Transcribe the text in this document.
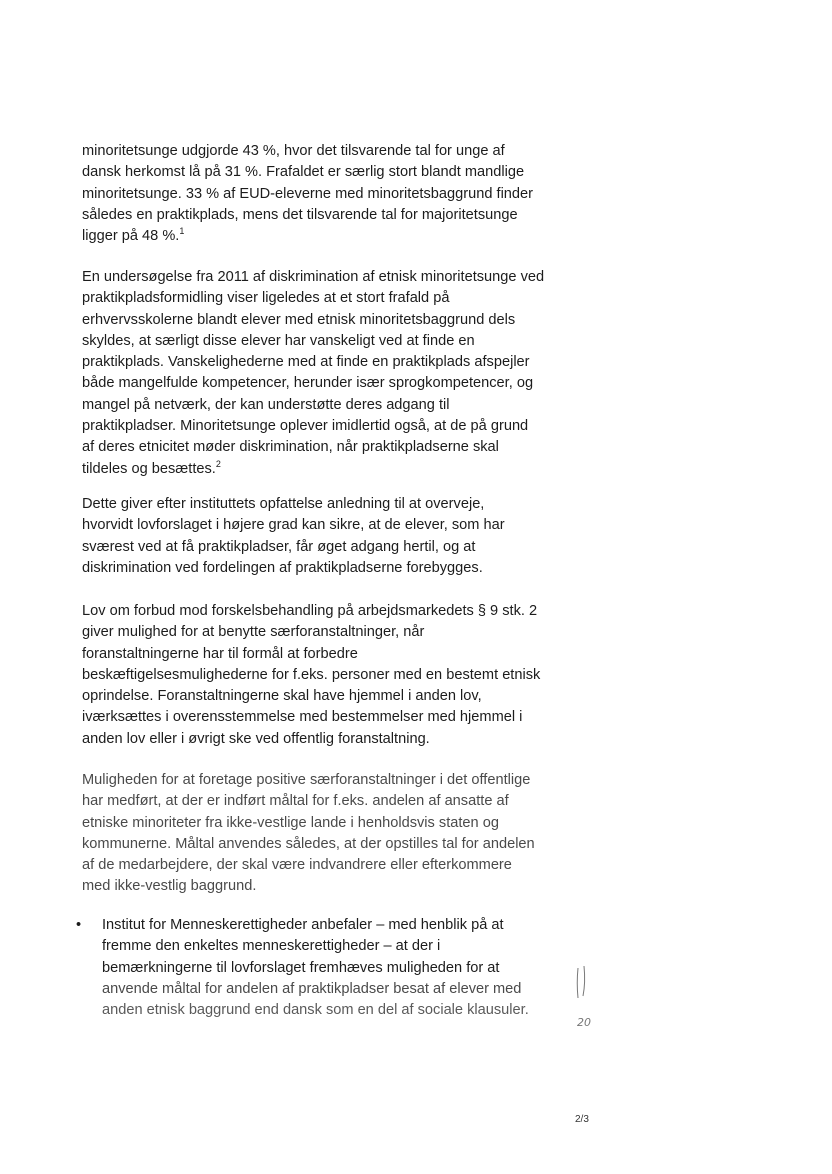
minoritetsunge udgjorde 43 %, hvor det tilsvarende tal for unge af
dansk herkomst lå på 31 %. Frafaldet er særlig stort blandt mandlige
minoritetsunge. 33 % af EUD-eleverne med minoritetsbaggrund finder
således en praktikplads, mens det tilsvarende tal for majoritetsunge
ligger på 48 %.$^1$

En undersøgelse fra 2011 af diskrimination af etnisk minoritetsunge ved
praktikpladsformidling viser ligeledes at et stort frafald på
erhvervsskolerne blandt elever med etnisk minoritetsbaggrund dels
skyldes, at særligt disse elever har vanskeligt ved at finde en
praktikplads. Vanskelighederne med at finde en praktikplads afspejler
både mangelfulde kompetencer, herunder især sprogkompetencer, og
mangel på netværk, der kan understøtte deres adgang til
praktikpladser. Minoritetsunge oplever imidlertid også, at de på grund
af deres etnicitet møder diskrimination, når praktikpladserne skal
tildeles og besættes.$^2$

Dette giver efter instituttets opfattelse anledning til at overveje,
hvorvidt lovforslaget i højere grad kan sikre, at de elever, som har
sværest ved at få praktikpladser, får øget adgang hertil, og at
diskrimination ved fordelingen af praktikpladserne forebygges.

Lov om forbud mod forskelsbehandling på arbejdsmarkedets § 9 stk. 2
giver mulighed for at benytte særforanstaltninger, når
foranstaltningerne har til formål at forbedre
beskæftigelsesmulighederne for f.eks. personer med en bestemt etnisk
oprindelse. Foranstaltningerne skal have hjemmel i anden lov,
iværksættes i overensstemmelse med bestemmelser med hjemmel i
anden lov eller i øvrigt ske ved offentlig foranstaltning.

Muligheden for at foretage positive særforanstaltninger i det offentlige
har medført, at der er indført måltal for f.eks. andelen af ansatte af
etniske minoriteter fra ikke-vestlige lande i henholdsvis staten og
kommunerne. Måltal anvendes således, at der opstilles tal for andelen
af de medarbejdere, der skal være indvandrere eller efterkommere
med ikke-vestlig baggrund.

• Institut for Menneskerettigheder anbefaler – med henblik på at
fremme den enkeltes menneskerettigheder – at der i
bemærkningerne til lovforslaget fremhæves muligheden for at
anvende måltal for andelen af praktikpladser besat af elever med
anden etnisk baggrund end dansk som en del af sociale klausuler.

20
2/3
